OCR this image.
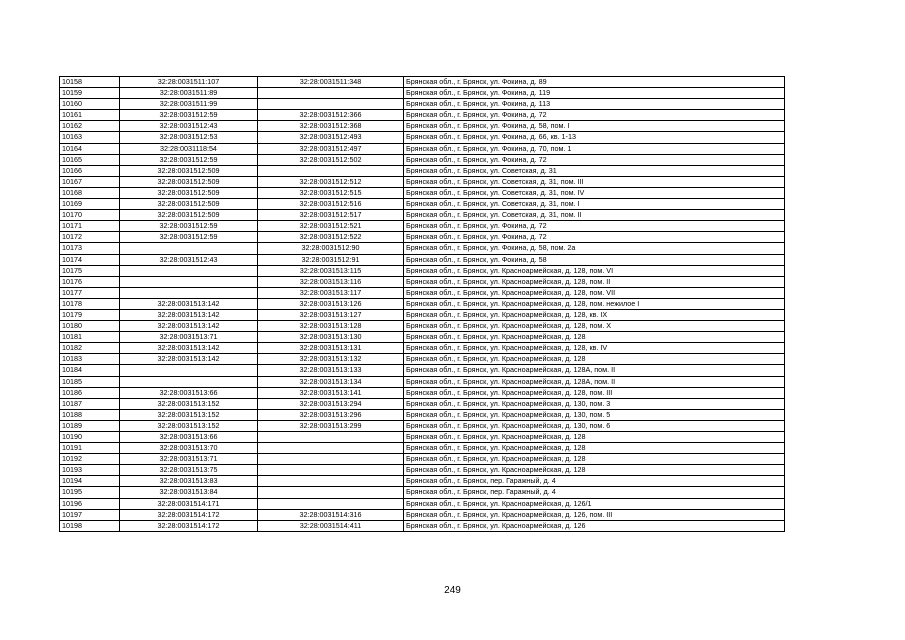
10158	32:28:0031511:107	32:28:0031511:348	Брянская обл., г. Брянск, ул. Фокина, д. 89
10159	32:28:0031511:89		Брянская обл., г. Брянск, ул. Фокина, д. 119
10160	32:28:0031511:99		Брянская обл., г. Брянск, ул. Фокина, д. 113
10161	32:28:0031512:59	32:28:0031512:366	Брянская обл., г. Брянск, ул. Фокина, д. 72
10162	32:28:0031512:43	32:28:0031512:368	Брянская обл., г. Брянск, ул. Фокина, д. 58, пом. I
10163	32:28:0031512:53	32:28:0031512:493	Брянская обл., г. Брянск, ул. Фокина, д. 66, кв. 1-13
10164	32:28:0031118:54	32:28:0031512:497	Брянская обл., г. Брянск, ул. Фокина, д. 70, пом. 1
10165	32:28:0031512:59	32:28:0031512:502	Брянская обл., г. Брянск, ул. Фокина, д. 72
10166	32:28:0031512:509		Брянская обл., г. Брянск, ул. Советская, д. 31
10167	32:28:0031512:509	32:28:0031512:512	Брянская обл., г. Брянск, ул. Советская, д. 31, пом. III
10168	32:28:0031512:509	32:28:0031512:515	Брянская обл., г. Брянск, ул. Советская, д. 31, пом. IV
10169	32:28:0031512:509	32:28:0031512:516	Брянская обл., г. Брянск, ул. Советская, д. 31, пом. I
10170	32:28:0031512:509	32:28:0031512:517	Брянская обл., г. Брянск, ул. Советская, д. 31, пом. II
10171	32:28:0031512:59	32:28:0031512:521	Брянская обл., г. Брянск, ул. Фокина, д. 72
10172	32:28:0031512:59	32:28:0031512:522	Брянская обл., г. Брянск, ул. Фокина, д. 72
10173		32:28:0031512:90	Брянская обл., г. Брянск, ул. Фокина, д. 58, пом. 2а
10174	32:28:0031512:43	32:28:0031512:91	Брянская обл., г. Брянск, ул. Фокина, д. 58
10175		32:28:0031513:115	Брянская обл., г. Брянск, ул. Красноармейская, д. 128, пом. VI
10176		32:28:0031513:116	Брянская обл., г. Брянск, ул. Красноармейская, д. 128, пом. II
10177		32:28:0031513:117	Брянская обл., г. Брянск, ул. Красноармейская, д. 128, пом. VII
10178	32:28:0031513:142	32:28:0031513:126	Брянская обл., г. Брянск, ул. Красноармейская, д. 128, пом. нежилое I
10179	32:28:0031513:142	32:28:0031513:127	Брянская обл., г. Брянск, ул. Красноармейская, д. 128, кв. IX
10180	32:28:0031513:142	32:28:0031513:128	Брянская обл., г. Брянск, ул. Красноармейская, д. 128, пом. X
10181	32:28:0031513:71	32:28:0031513:130	Брянская обл., г. Брянск, ул. Красноармейская, д. 128
10182	32:28:0031513:142	32:28:0031513:131	Брянская обл., г. Брянск, ул. Красноармейская, д. 128, кв. IV
10183	32:28:0031513:142	32:28:0031513:132	Брянская обл., г. Брянск, ул. Красноармейская, д. 128
10184		32:28:0031513:133	Брянская обл., г. Брянск, ул. Красноармейская, д. 128А, пом. II
10185		32:28:0031513:134	Брянская обл., г. Брянск, ул. Красноармейская, д. 128А, пом. II
10186	32:28:0031513:66	32:28:0031513:141	Брянская обл., г. Брянск, ул. Красноармейская, д. 128, пом. III
10187	32:28:0031513:152	32:28:0031513:294	Брянская обл., г. Брянск, ул. Красноармейская, д. 130, пом. 3
10188	32:28:0031513:152	32:28:0031513:296	Брянская обл., г. Брянск, ул. Красноармейская, д. 130, пом. 5
10189	32:28:0031513:152	32:28:0031513:299	Брянская обл., г. Брянск, ул. Красноармейская, д. 130, пом. 6
10190	32:28:0031513:66		Брянская обл., г. Брянск, ул. Красноармейская, д. 128
10191	32:28:0031513:70		Брянская обл., г. Брянск, ул. Красноармейская, д. 128
10192	32:28:0031513:71		Брянская обл., г. Брянск, ул. Красноармейская, д. 128
10193	32:28:0031513:75		Брянская обл., г. Брянск, ул. Красноармейская, д. 128
10194	32:28:0031513:83		Брянская обл., г. Брянск, пер. Гаражный, д. 4
10195	32:28:0031513:84		Брянская обл., г. Брянск, пер. Гаражный, д. 4
10196	32:28:0031514:171		Брянская обл., г. Брянск, ул. Красноармейская, д. 126/1
10197	32:28:0031514:172	32:28:0031514:316	Брянская обл., г. Брянск, ул. Красноармейская, д. 126, пом. III
10198	32:28:0031514:172	32:28:0031514:411	Брянская обл., г. Брянск, ул. Красноармейская, д. 126
249
